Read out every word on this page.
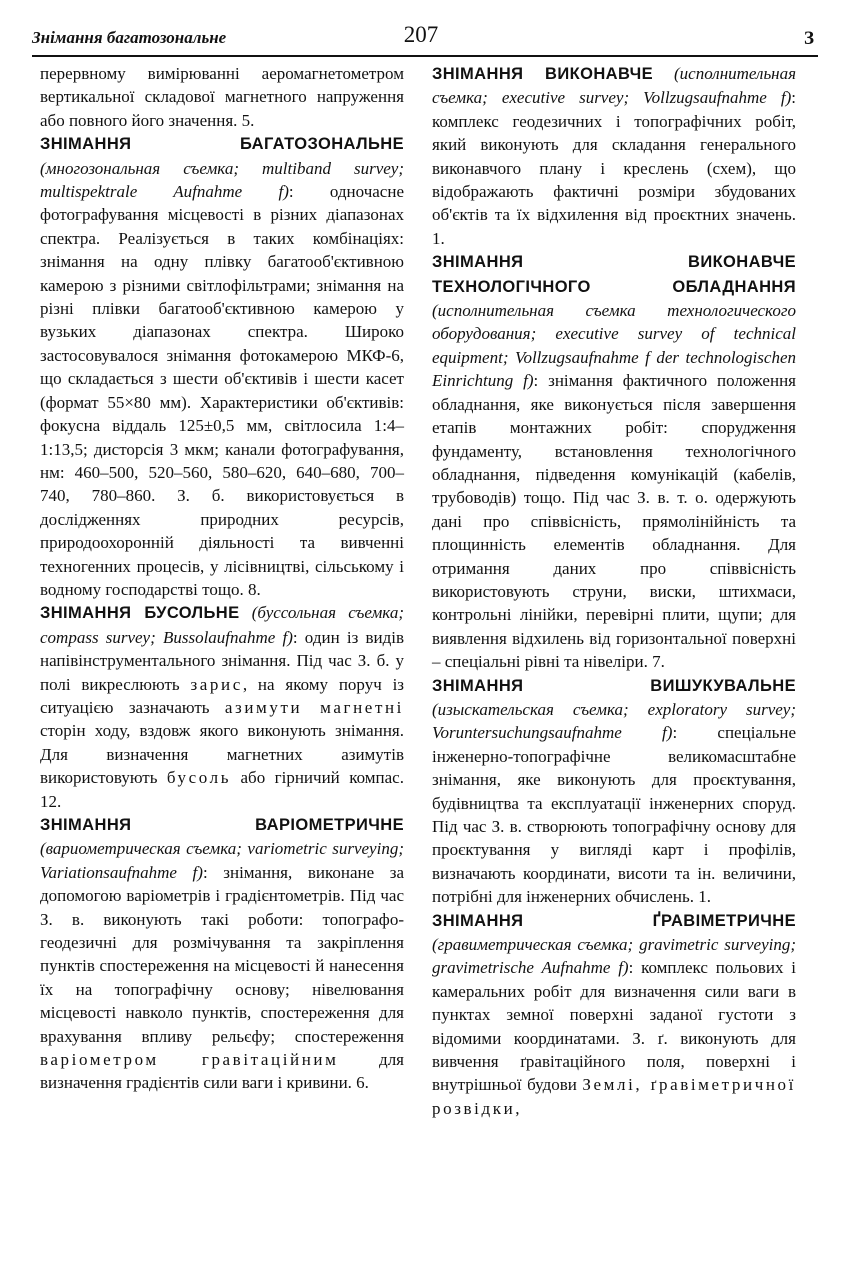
Знімання багатозональне	207	З

перервному вимірюванні аеромагнетометром вертикальної складової магнетного напруження або повного його значення. 5.

ЗНІМАННЯ БАГАТОЗОНАЛЬНЕ (многозональная съемка; multiband survey; multispektrale Aufnahme f): одночасне фотографування місцевості в різних діапазонах спектра. Реалізується в таких комбінаціях: знімання на одну плівку багатооб'єктивною камерою з різними світлофільтрами; знімання на різні плівки багатооб'єктивною камерою у вузьких діапазонах спектра. Широко застосовувалося знімання фотокамерою МКФ-6, що складається з шести об'єктивів і шести касет (формат 55×80 мм). Характеристики об'єктивів: фокусна віддаль 125±0,5 мм, світлосила 1:4–1:13,5; дисторсія 3 мкм; канали фотографування, нм: 460–500, 520–560, 580–620, 640–680, 700–740, 780–860. З. б. використовується в дослідженнях природних ресурсів, природоохоронній діяльності та вивченні техногенних процесів, у лісівництві, сільському і водному господарстві тощо. 8.

ЗНІМАННЯ БУСОЛЬНЕ (буссольная съемка; compass survey; Bussolaufnahme f): один із видів напівінструментального знімання. Під час З. б. у полі викреслюють зарис, на якому поруч із ситуацією зазначають азимути магнетні сторін ходу, вздовж якого виконують знімання. Для визначення магнетних азимутів використовують бусоль або гірничий компас. 12.

ЗНІМАННЯ ВАРІОМЕТРИЧНЕ (вариометрическая съемка; variometric surveying; Variationsaufnahme f): знімання, виконане за допомогою варіометрів і градієнтометрів. Під час З. в. виконують такі роботи: топографо-геодезичні для розмічування та закріплення пунктів спостереження на місцевості й нанесення їх на топографічну основу; нівелювання місцевості навколо пунктів, спостереження для врахування впливу рельєфу; спостереження варіометром гравітаційним для визначення градієнтів сили ваги і кривини. 6.

ЗНІМАННЯ ВИКОНАВЧЕ (исполнительная съемка; executive survey; Vollzugsaufnahme f): комплекс геодезичних і топографічних робіт, який виконують для складання генерального виконавчого плану і креслень (схем), що відображають фактичні розміри збудованих об'єктів та їх відхилення від проєктних значень. 1.

ЗНІМАННЯ ВИКОНАВЧЕ ТЕХНОЛОГІЧНОГО ОБЛАДНАННЯ (исполнительная съемка технологического оборудования; executive survey of technical equipment; Vollzugsaufnahme f der technologischen Einrichtung f): знімання фактичного положення обладнання, яке виконується після завершення етапів монтажних робіт: спорудження фундаменту, встановлення технологічного обладнання, підведення комунікацій (кабелів, трубоводів) тощо. Під час З. в. т. о. одержують дані про співвісність, прямолінійність та площинність елементів обладнання. Для отримання даних про співвісність використовують струни, виски, штихмаси, контрольні лінійки, перевірні плити, щупи; для виявлення відхилень від горизонтальної поверхні – спеціальні рівні та нівеліри. 7.

ЗНІМАННЯ ВИШУКУВАЛЬНЕ (изыскательская съемка; exploratory survey; Voruntersuchungsaufnahme f): спеціальне інженерно-топографічне великомасштабне знімання, яке виконують для проєктування, будівництва та експлуатації інженерних споруд. Під час З. в. створюють топографічну основу для проєктування у вигляді карт і профілів, визначають координати, висоти та ін. величини, потрібні для інженерних обчислень. 1.

ЗНІМАННЯ ҐРАВІМЕТРИЧНЕ (гравиметрическая съемка; gravimetric surveying; gravimetrische Aufnahme f): комплекс польових і камеральних робіт для визначення сили ваги в пунктах земної поверхні заданої густоти з відомими координатами. З. ґ. виконують для вивчення ґравітаційного поля, поверхні і внутрішньої будови Землі, ґравіметричної розвідки,
